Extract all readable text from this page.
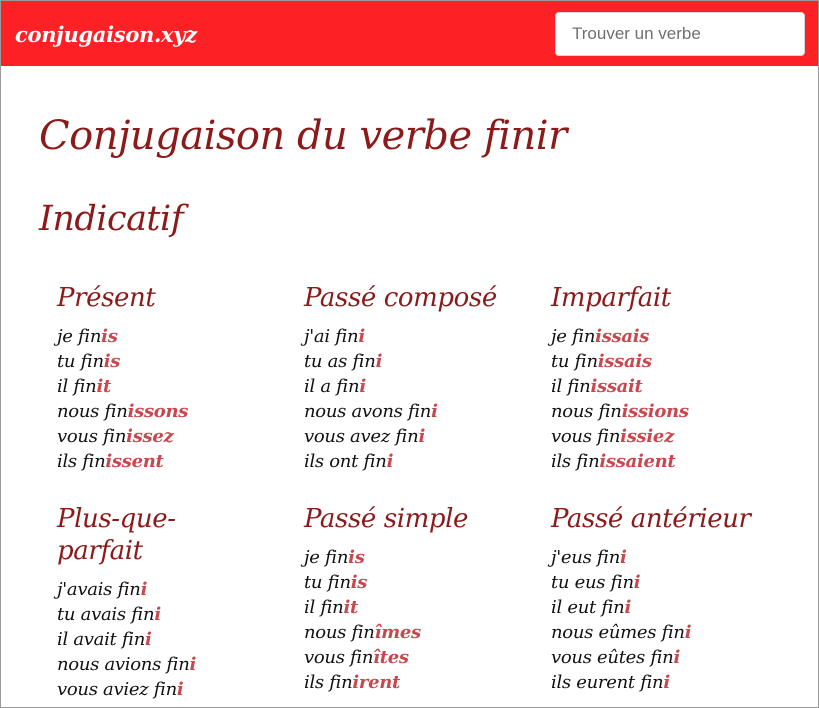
conjugaison.xyz
Trouver un verbe
Conjugaison du verbe finir
Indicatif
Présent
je finis
tu finis
il finit
nous finissons
vous finissez
ils finissent
Passé composé
j'ai fini
tu as fini
il a fini
nous avons fini
vous avez fini
ils ont fini
Imparfait
je finissais
tu finissais
il finissait
nous finissions
vous finissiez
ils finissaient
Plus-que-parfait
j'avais fini
tu avais fini
il avait fini
nous avions fini
vous aviez fini
Passé simple
je finis
tu finis
il finit
nous finîmes
vous finîtes
ils finirent
Passé antérieur
j'eus fini
tu eus fini
il eut fini
nous eûmes fini
vous eûtes fini
ils eurent fini
